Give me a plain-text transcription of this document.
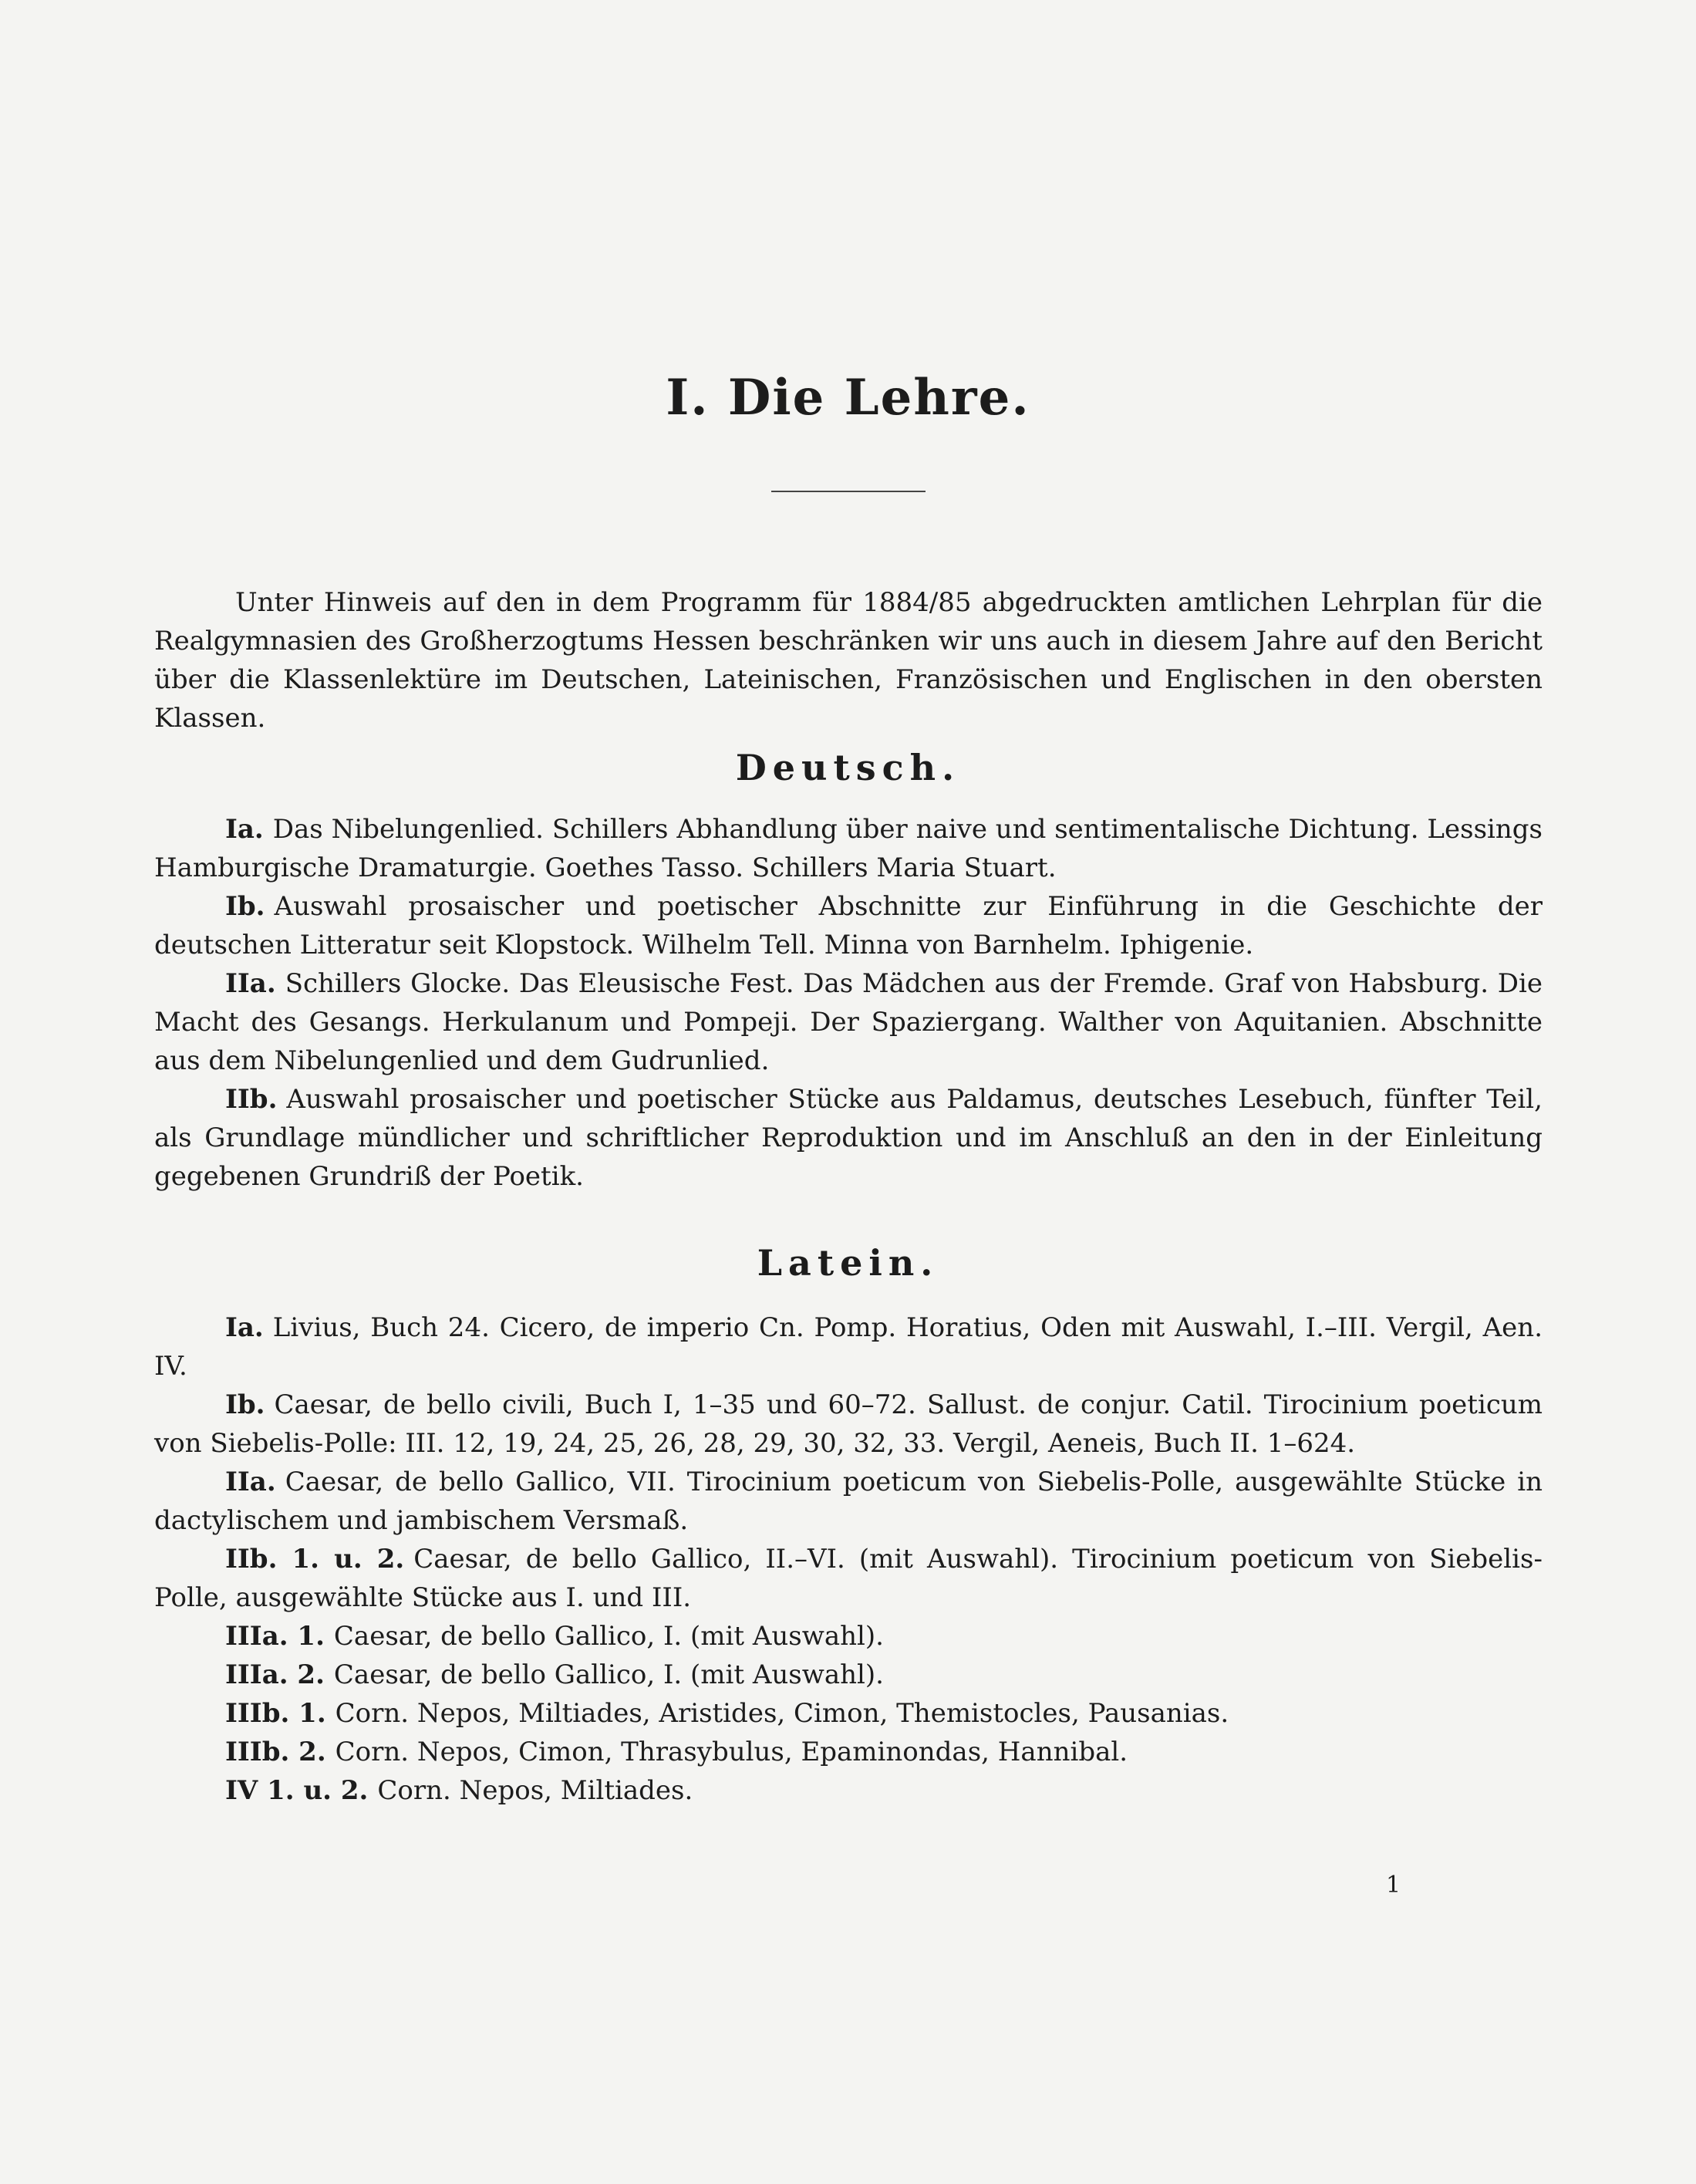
I. Die Lehre.

Unter Hinweis auf den in dem Programm für 1884/85 abgedruckten amtlichen Lehrplan für die Realgymnasien des Großherzogtums Hessen beschränken wir uns auch in diesem Jahre auf den Bericht über die Klassenlektüre im Deutschen, Lateinischen, Französischen und Englischen in den obersten Klassen.

Deutsch.

Ia. Das Nibelungenlied. Schillers Abhandlung über naive und sentimentalische Dichtung. Lessings Hamburgische Dramaturgie. Goethes Tasso. Schillers Maria Stuart.

Ib. Auswahl prosaischer und poetischer Abschnitte zur Einführung in die Geschichte der deutschen Litteratur seit Klopstock. Wilhelm Tell. Minna von Barnhelm. Iphigenie.

IIa. Schillers Glocke. Das Eleusische Fest. Das Mädchen aus der Fremde. Graf von Habsburg. Die Macht des Gesangs. Herkulanum und Pompeji. Der Spaziergang. Walther von Aquitanien. Abschnitte aus dem Nibelungenlied und dem Gudrunlied.

IIb. Auswahl prosaischer und poetischer Stücke aus Paldamus, deutsches Lesebuch, fünfter Teil, als Grundlage mündlicher und schriftlicher Reproduktion und im Anschluß an den in der Einleitung gegebenen Grundriß der Poetik.

Latein.

Ia. Livius, Buch 24. Cicero, de imperio Cn. Pomp. Horatius, Oden mit Auswahl, I.–III. Vergil, Aen. IV.

Ib. Caesar, de bello civili, Buch I, 1–35 und 60–72. Sallust. de conjur. Catil. Tirocinium poeticum von Siebelis-Polle: III. 12, 19, 24, 25, 26, 28, 29, 30, 32, 33. Vergil, Aeneis, Buch II. 1–624.

IIa. Caesar, de bello Gallico, VII. Tirocinium poeticum von Siebelis-Polle, ausgewählte Stücke in dactylischem und jambischem Versmaß.

IIb. 1. u. 2. Caesar, de bello Gallico, II.–VI. (mit Auswahl). Tirocinium poeticum von Siebelis-Polle, ausgewählte Stücke aus I. und III.

IIIa. 1. Caesar, de bello Gallico, I. (mit Auswahl).

IIIa. 2. Caesar, de bello Gallico, I. (mit Auswahl).

IIIb. 1. Corn. Nepos, Miltiades, Aristides, Cimon, Themistocles, Pausanias.

IIIb. 2. Corn. Nepos, Cimon, Thrasybulus, Epaminondas, Hannibal.

IV 1. u. 2. Corn. Nepos, Miltiades.

1
